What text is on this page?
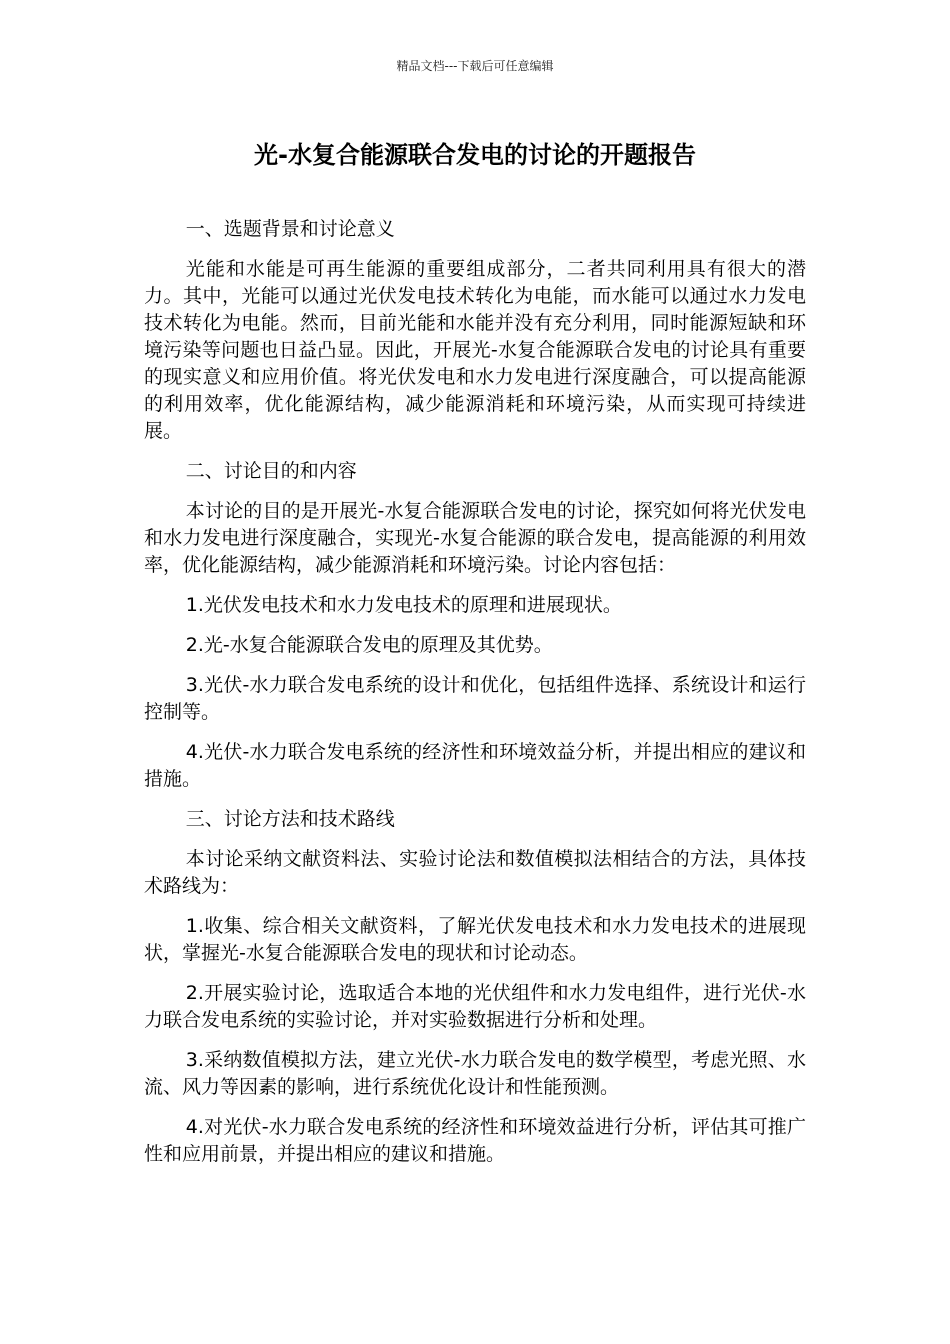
精品文档---下载后可任意编辑
光-水复合能源联合发电的讨论的开题报告

一、选题背景和讨论意义

光能和水能是可再生能源的重要组成部分，二者共同利用具有很大的潜力。其中，光能可以通过光伏发电技术转化为电能，而水能可以通过水力发电技术转化为电能。然而，目前光能和水能并没有充分利用，同时能源短缺和环境污染等问题也日益凸显。因此，开展光-水复合能源联合发电的讨论具有重要的现实意义和应用价值。将光伏发电和水力发电进行深度融合，可以提高能源的利用效率，优化能源结构，减少能源消耗和环境污染，从而实现可持续进展。

二、讨论目的和内容

本讨论的目的是开展光-水复合能源联合发电的讨论，探究如何将光伏发电和水力发电进行深度融合，实现光-水复合能源的联合发电，提高能源的利用效率，优化能源结构，减少能源消耗和环境污染。讨论内容包括：

1.光伏发电技术和水力发电技术的原理和进展现状。

2.光-水复合能源联合发电的原理及其优势。

3.光伏-水力联合发电系统的设计和优化，包括组件选择、系统设计和运行控制等。

4.光伏-水力联合发电系统的经济性和环境效益分析，并提出相应的建议和措施。

三、讨论方法和技术路线

本讨论采纳文献资料法、实验讨论法和数值模拟法相结合的方法，具体技术路线为：

1.收集、综合相关文献资料，了解光伏发电技术和水力发电技术的进展现状，掌握光-水复合能源联合发电的现状和讨论动态。

2.开展实验讨论，选取适合本地的光伏组件和水力发电组件，进行光伏-水力联合发电系统的实验讨论，并对实验数据进行分析和处理。

3.采纳数值模拟方法，建立光伏-水力联合发电的数学模型，考虑光照、水流、风力等因素的影响，进行系统优化设计和性能预测。

4.对光伏-水力联合发电系统的经济性和环境效益进行分析，评估其可推广性和应用前景，并提出相应的建议和措施。
